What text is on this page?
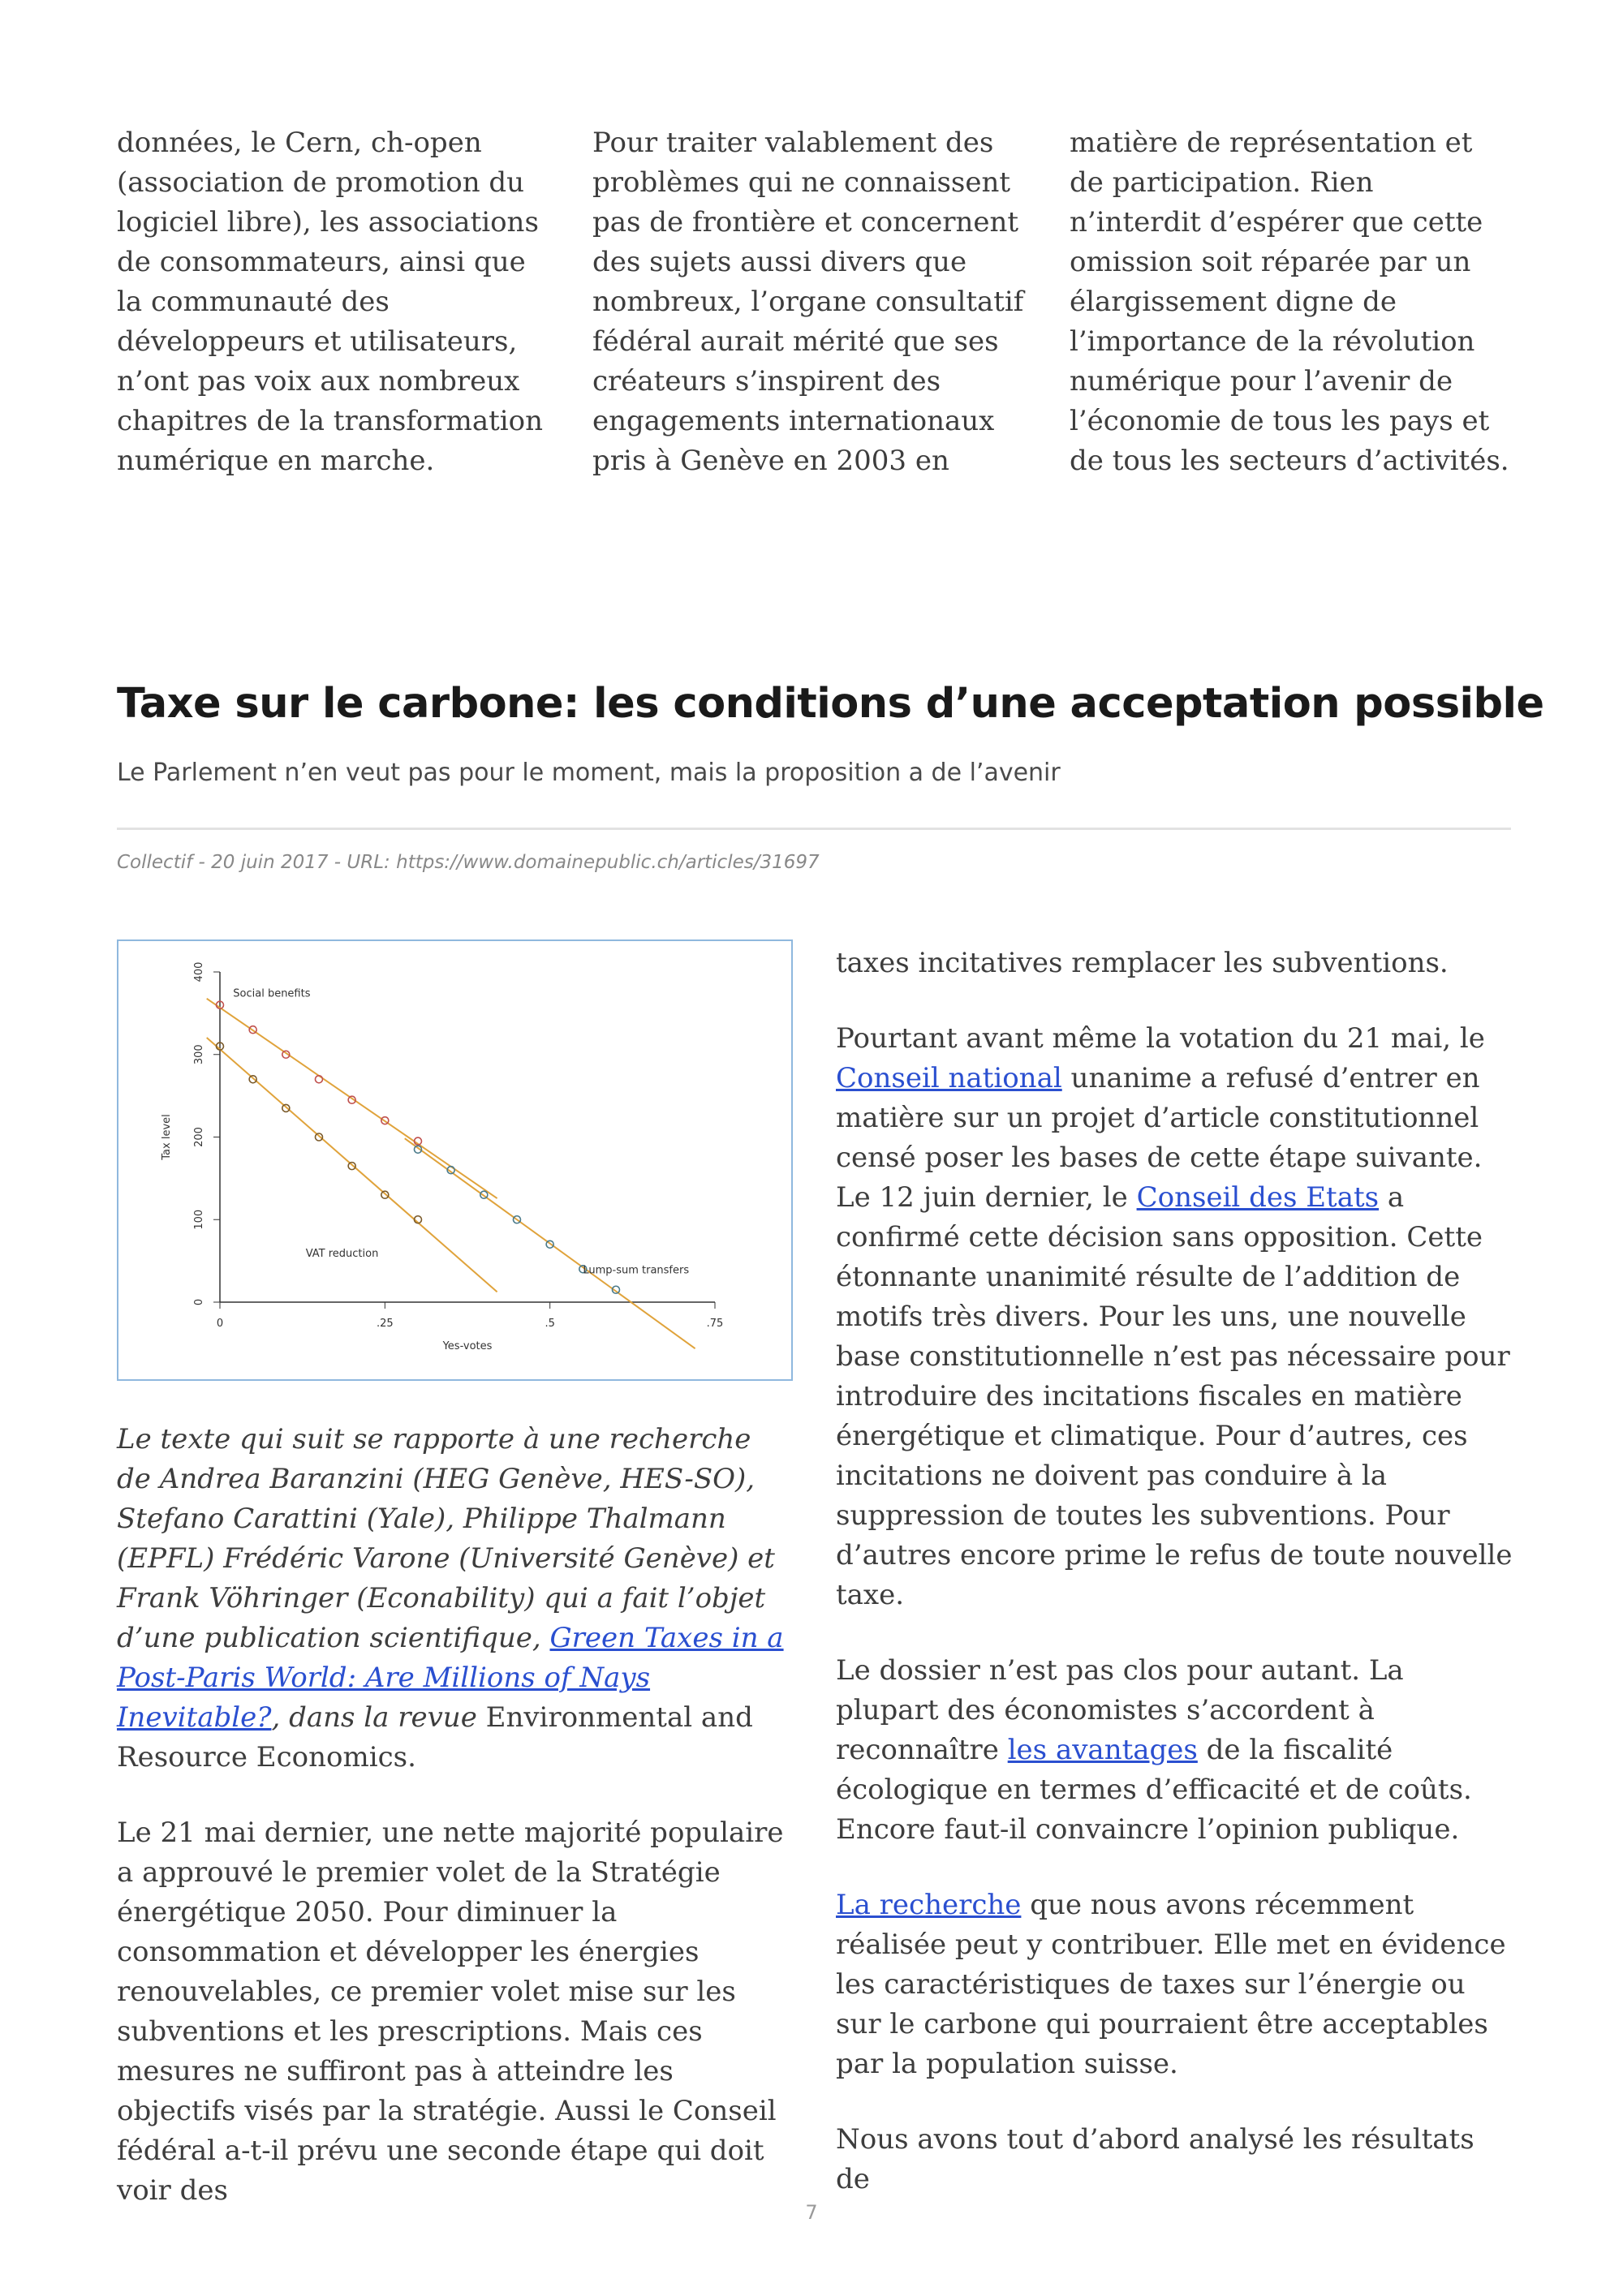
données, le Cern, ch-open (association de promotion du logiciel libre), les associations de consommateurs, ainsi que la communauté des développeurs et utilisateurs, n’ont pas voix aux nombreux chapitres de la transformation numérique en marche.

Pour traiter valablement des problèmes qui ne connaissent pas de frontière et concernent des sujets aussi divers que nombreux, l’organe consultatif fédéral aurait mérité que ses créateurs s’inspirent des engagements internationaux pris à Genève en 2003 en

matière de représentation et de participation. Rien n’interdit d’espérer que cette omission soit réparée par un élargissement digne de l’importance de la révolution numérique pour l’avenir de l’économie de tous les pays et de tous les secteurs d’activités.

Taxe sur le carbone: les conditions d’une acceptation possible

Le Parlement n’en veut pas pour le moment, mais la proposition a de l’avenir

Collectif - 20 juin 2017 - URL: https://www.domainepublic.ch/articles/31697
0
100
200
300
400
0	.25	.5	.75
Yes-votes
Tax level
Social benefits
VAT reduction
Lump-sum transfers

Le texte qui suit se rapporte à une recherche de Andrea Baranzini (HEG Genève, HES-SO), Stefano Carattini (Yale), Philippe Thalmann (EPFL) Frédéric Varone (Université Genève) et Frank Vöhringer (Econability) qui a fait l’objet d’une publication scientifique, Green Taxes in a Post-Paris World: Are Millions of Nays Inevitable?, dans la revue Environmental and Resource Economics.

Le 21 mai dernier, une nette majorité populaire a approuvé le premier volet de la Stratégie énergétique 2050. Pour diminuer la consommation et développer les énergies renouvelables, ce premier volet mise sur les subventions et les prescriptions. Mais ces mesures ne suffiront pas à atteindre les objectifs visés par la stratégie. Aussi le Conseil fédéral a-t-il prévu une seconde étape qui doit voir des

taxes incitatives remplacer les subventions.

Pourtant avant même la votation du 21 mai, le Conseil national unanime a refusé d’entrer en matière sur un projet d’article constitutionnel censé poser les bases de cette étape suivante. Le 12 juin dernier, le Conseil des Etats a confirmé cette décision sans opposition. Cette étonnante unanimité résulte de l’addition de motifs très divers. Pour les uns, une nouvelle base constitutionnelle n’est pas nécessaire pour introduire des incitations fiscales en matière énergétique et climatique. Pour d’autres, ces incitations ne doivent pas conduire à la suppression de toutes les subventions. Pour d’autres encore prime le refus de toute nouvelle taxe.

Le dossier n’est pas clos pour autant. La plupart des économistes s’accordent à reconnaître les avantages de la fiscalité écologique en termes d’efficacité et de coûts. Encore faut-il convaincre l’opinion publique.

La recherche que nous avons récemment réalisée peut y contribuer. Elle met en évidence les caractéristiques de taxes sur l’énergie ou sur le carbone qui pourraient être acceptables par la population suisse.

Nous avons tout d’abord analysé les résultats de

7
